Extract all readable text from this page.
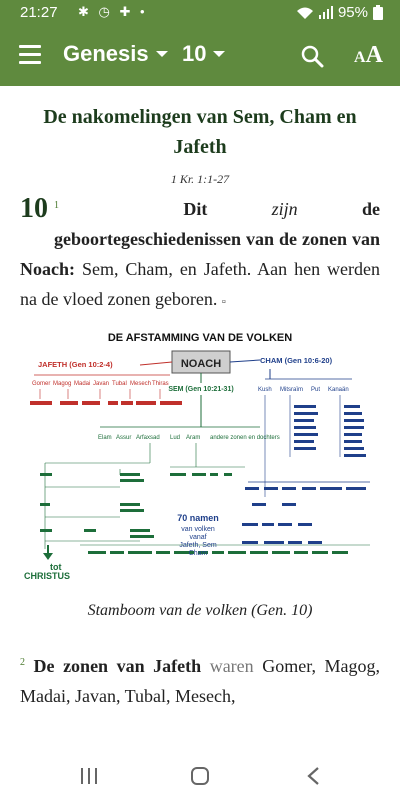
21:27 ✱ ◷ ✚ •	95%
Genesis 10	AA
De nakomelingen van Sem, Cham en Jafeth
1 Kr. 1:1-27
10 $^1$	Dit zijn de geboortegeschiedenissen van de zonen van Noach: Sem, Cham, en Jafeth. Aan hen werden na de vloed zonen geboren. ▫
DE AFSTAMMING VAN DE VOLKEN
NOACH
JAFETH (Gen 10:2-4)	CHAM (Gen 10:6-20)
SEM (Gen 10:21-31)
Gomer Magog Madai Javan Tubal Mesech Thiras
Kush Mitsraïm Put Kanaän
Elam Assur Arfaxsad Lud Aram andere zonen en dochters
70 namen
van volken
vanaf
Jafeth, Sem
Cham
tot
CHRISTUS
Stamboom van de volken (Gen. 10)
$^2$ De zonen van Jafeth waren Gomer, Magog, Madai, Javan, Tubal, Mesech,
